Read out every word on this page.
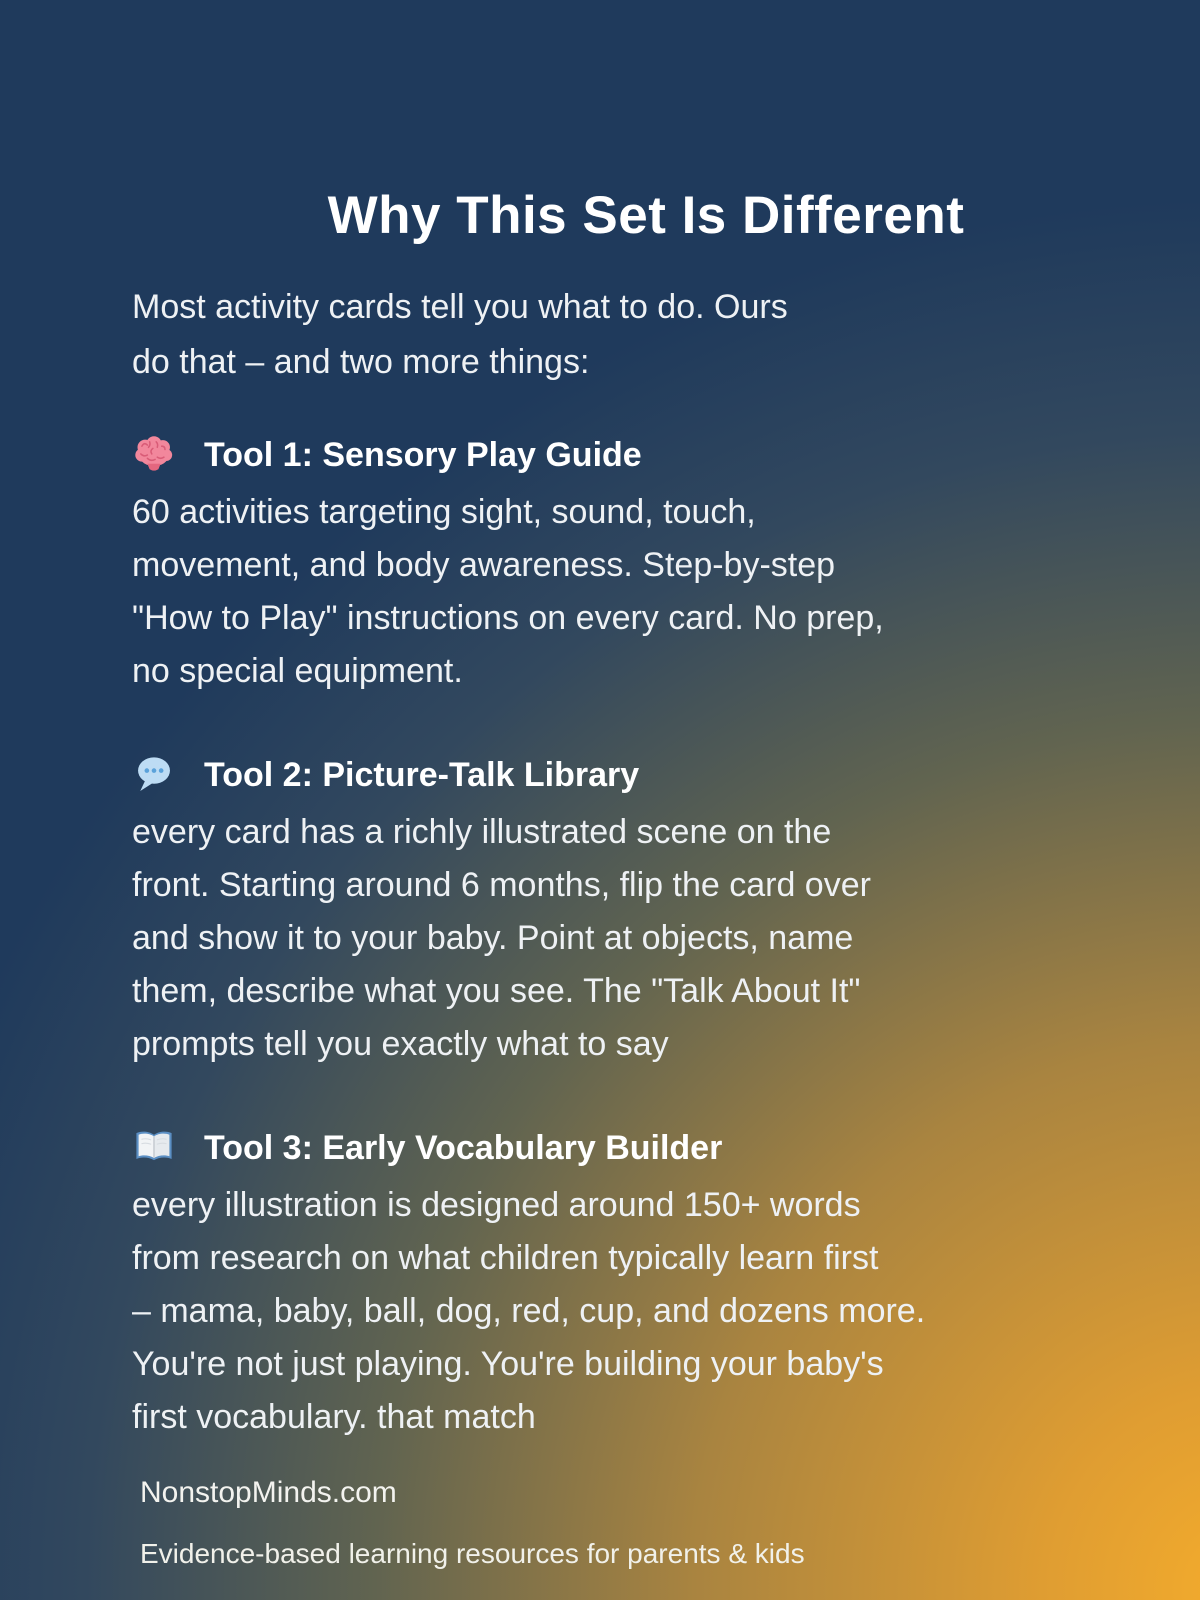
Why This Set Is Different
Most activity cards tell you what to do. Ours
do that – and two more things:
Tool 1: Sensory Play Guide
60 activities targeting sight, sound, touch,
movement, and body awareness. Step-by-step
"How to Play" instructions on every card. No prep,
no special equipment.
Tool 2: Picture-Talk Library
every card has a richly illustrated scene on the
front. Starting around 6 months, flip the card over
and show it to your baby. Point at objects, name
them, describe what you see. The "Talk About It"
prompts tell you exactly what to say
Tool 3: Early Vocabulary Builder
every illustration is designed around 150+ words
from research on what children typically learn first
– mama, baby, ball, dog, red, cup, and dozens more.
You're not just playing. You're building your baby's
first vocabulary. that match
NonstopMinds.com
Evidence-based learning resources for parents & kids
